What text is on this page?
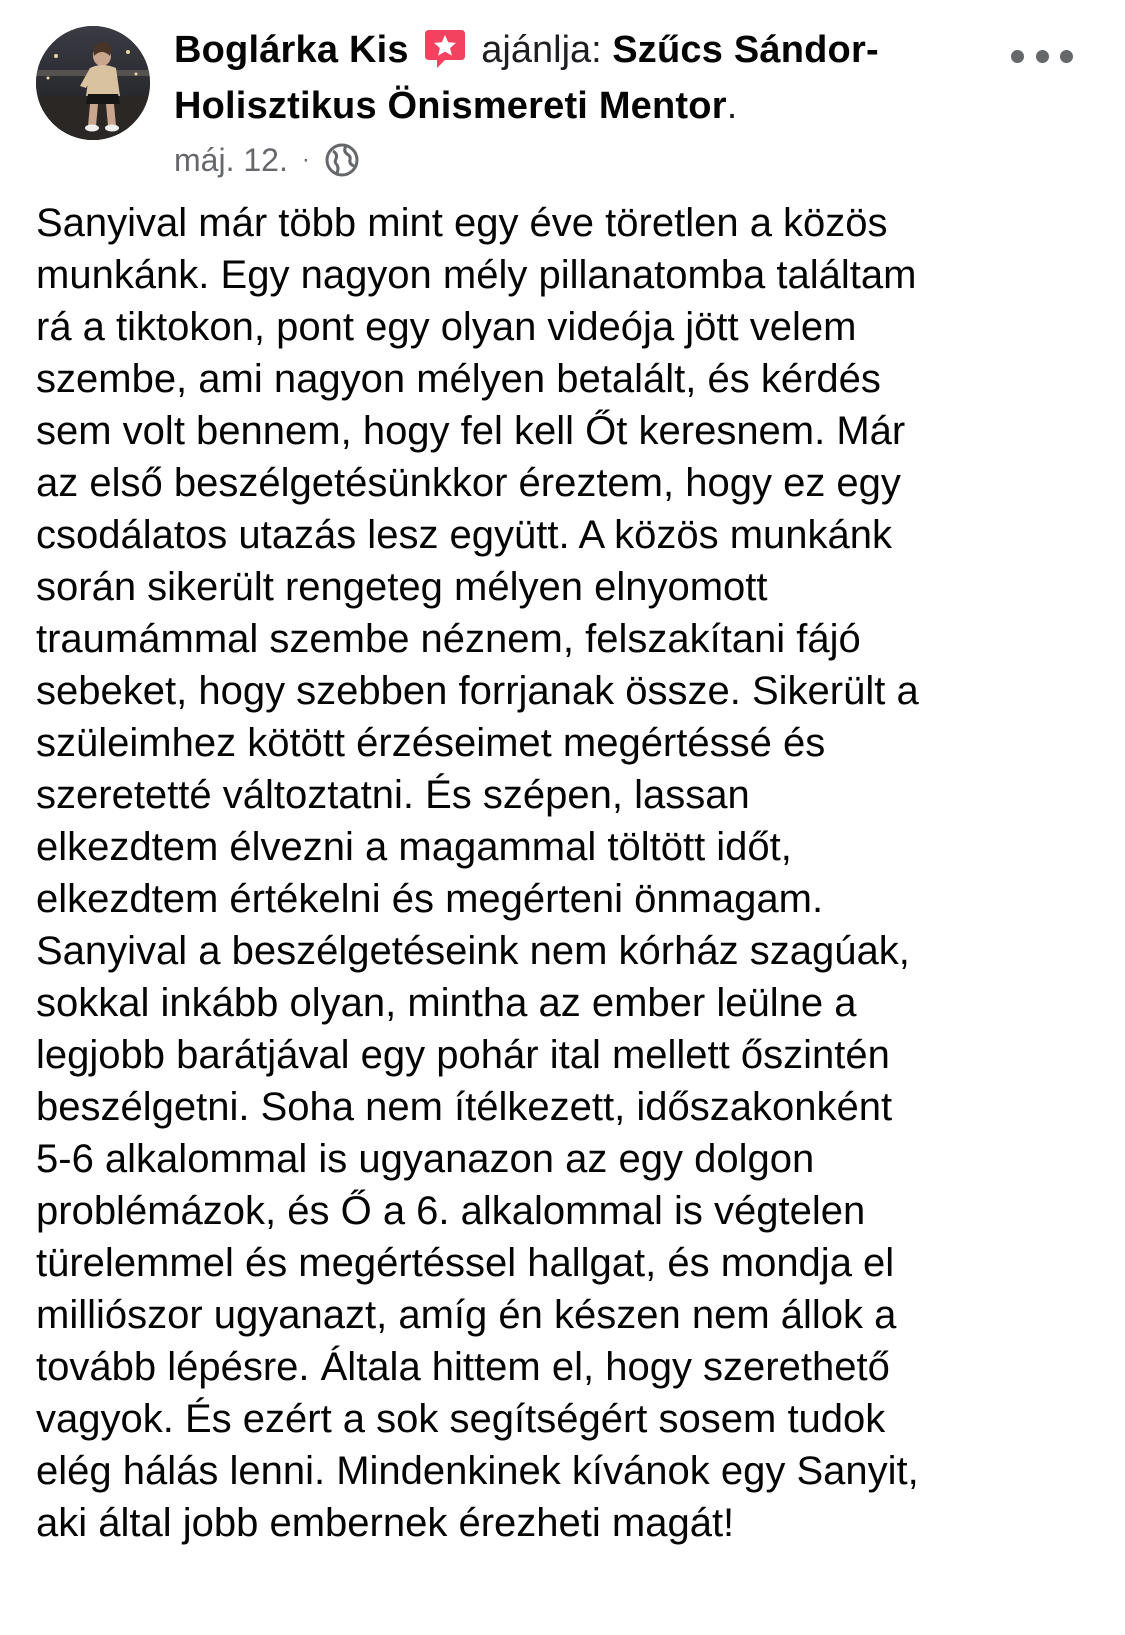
Boglárka Kis ajánlja: Szűcs Sándor-
Holisztikus Önismereti Mentor.
máj. 12. ·
Sanyival már több mint egy éve töretlen a közös
munkánk. Egy nagyon mély pillanatomba találtam
rá a tiktokon, pont egy olyan videója jött velem
szembe, ami nagyon mélyen betalált, és kérdés
sem volt bennem, hogy fel kell Őt keresnem. Már
az első beszélgetésünkkor éreztem, hogy ez egy
csodálatos utazás lesz együtt. A közös munkánk
során sikerült rengeteg mélyen elnyomott
traumámmal szembe néznem, felszakítani fájó
sebeket, hogy szebben forrjanak össze. Sikerült a
szüleimhez kötött érzéseimet megértéssé és
szeretetté változtatni. És szépen, lassan
elkezdtem élvezni a magammal töltött időt,
elkezdtem értékelni és megérteni önmagam.
Sanyival a beszélgetéseink nem kórház szagúak,
sokkal inkább olyan, mintha az ember leülne a
legjobb barátjával egy pohár ital mellett őszintén
beszélgetni. Soha nem ítélkezett, időszakonként
5-6 alkalommal is ugyanazon az egy dolgon
problémázok, és Ő a 6. alkalommal is végtelen
türelemmel és megértéssel hallgat, és mondja el
milliószor ugyanazt, amíg én készen nem állok a
tovább lépésre. Általa hittem el, hogy szerethető
vagyok. És ezért a sok segítségért sosem tudok
elég hálás lenni. Mindenkinek kívánok egy Sanyit,
aki által jobb embernek érezheti magát!
